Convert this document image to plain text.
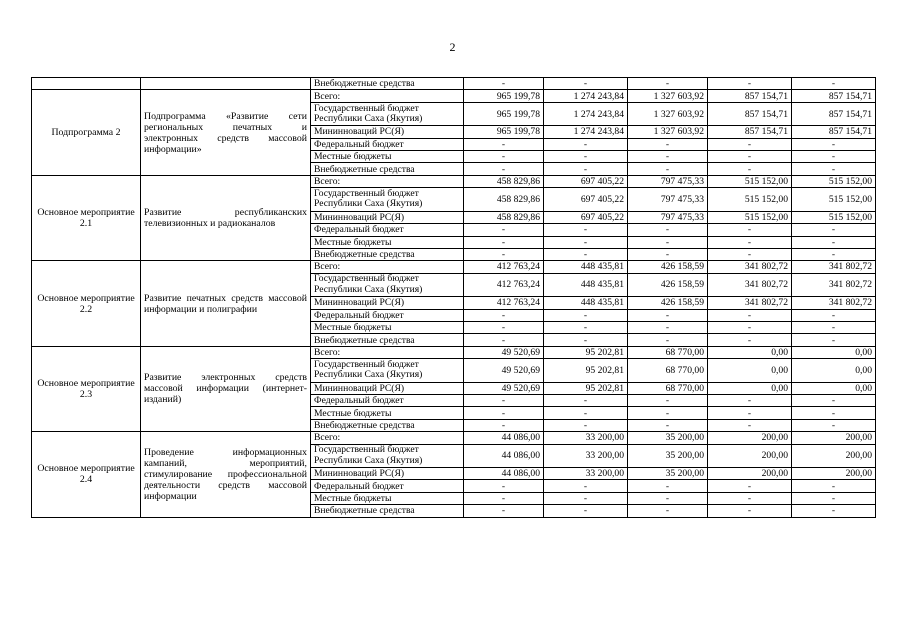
2
		Внебюджетные средства	-	-	-	-	-
Подпрограмма 2	Подпрограмма «Развитие сети региональных печатных и электронных средств массовой информации»	Всего:	965 199,78	1 274 243,84	1 327 603,92	857 154,71	857 154,71
		Государственный бюджет Республики Саха (Якутия)	965 199,78	1 274 243,84	1 327 603,92	857 154,71	857 154,71
		Мининноваций РС(Я)	965 199,78	1 274 243,84	1 327 603,92	857 154,71	857 154,71
		Федеральный бюджет	-	-	-	-	-
		Местные бюджеты	-	-	-	-	-
		Внебюджетные средства	-	-	-	-	-
Основное мероприятие 2.1	Развитие республиканских телевизионных и радиоканалов	Всего:	458 829,86	697 405,22	797 475,33	515 152,00	515 152,00
		Государственный бюджет Республики Саха (Якутия)	458 829,86	697 405,22	797 475,33	515 152,00	515 152,00
		Мининноваций РС(Я)	458 829,86	697 405,22	797 475,33	515 152,00	515 152,00
		Федеральный бюджет	-	-	-	-	-
		Местные бюджеты	-	-	-	-	-
		Внебюджетные средства	-	-	-	-	-
Основное мероприятие 2.2	Развитие печатных средств массовой информации и полиграфии	Всего:	412 763,24	448 435,81	426 158,59	341 802,72	341 802,72
		Государственный бюджет Республики Саха (Якутия)	412 763,24	448 435,81	426 158,59	341 802,72	341 802,72
		Мининноваций РС(Я)	412 763,24	448 435,81	426 158,59	341 802,72	341 802,72
		Федеральный бюджет	-	-	-	-	-
		Местные бюджеты	-	-	-	-	-
		Внебюджетные средства	-	-	-	-	-
Основное мероприятие 2.3	Развитие электронных средств массовой информации (интернет-изданий)	Всего:	49 520,69	95 202,81	68 770,00	0,00	0,00
		Государственный бюджет Республики Саха (Якутия)	49 520,69	95 202,81	68 770,00	0,00	0,00
		Мининноваций РС(Я)	49 520,69	95 202,81	68 770,00	0,00	0,00
		Федеральный бюджет	-	-	-	-	-
		Местные бюджеты	-	-	-	-	-
		Внебюджетные средства	-	-	-	-	-
Основное мероприятие 2.4	Проведение информационных кампаний, мероприятий, стимулирование профессиональной деятельности средств массовой информации	Всего:	44 086,00	33 200,00	35 200,00	200,00	200,00
		Государственный бюджет Республики Саха (Якутия)	44 086,00	33 200,00	35 200,00	200,00	200,00
		Мининноваций РС(Я)	44 086,00	33 200,00	35 200,00	200,00	200,00
		Федеральный бюджет	-	-	-	-	-
		Местные бюджеты	-	-	-	-	-
		Внебюджетные средства	-	-	-	-	-
